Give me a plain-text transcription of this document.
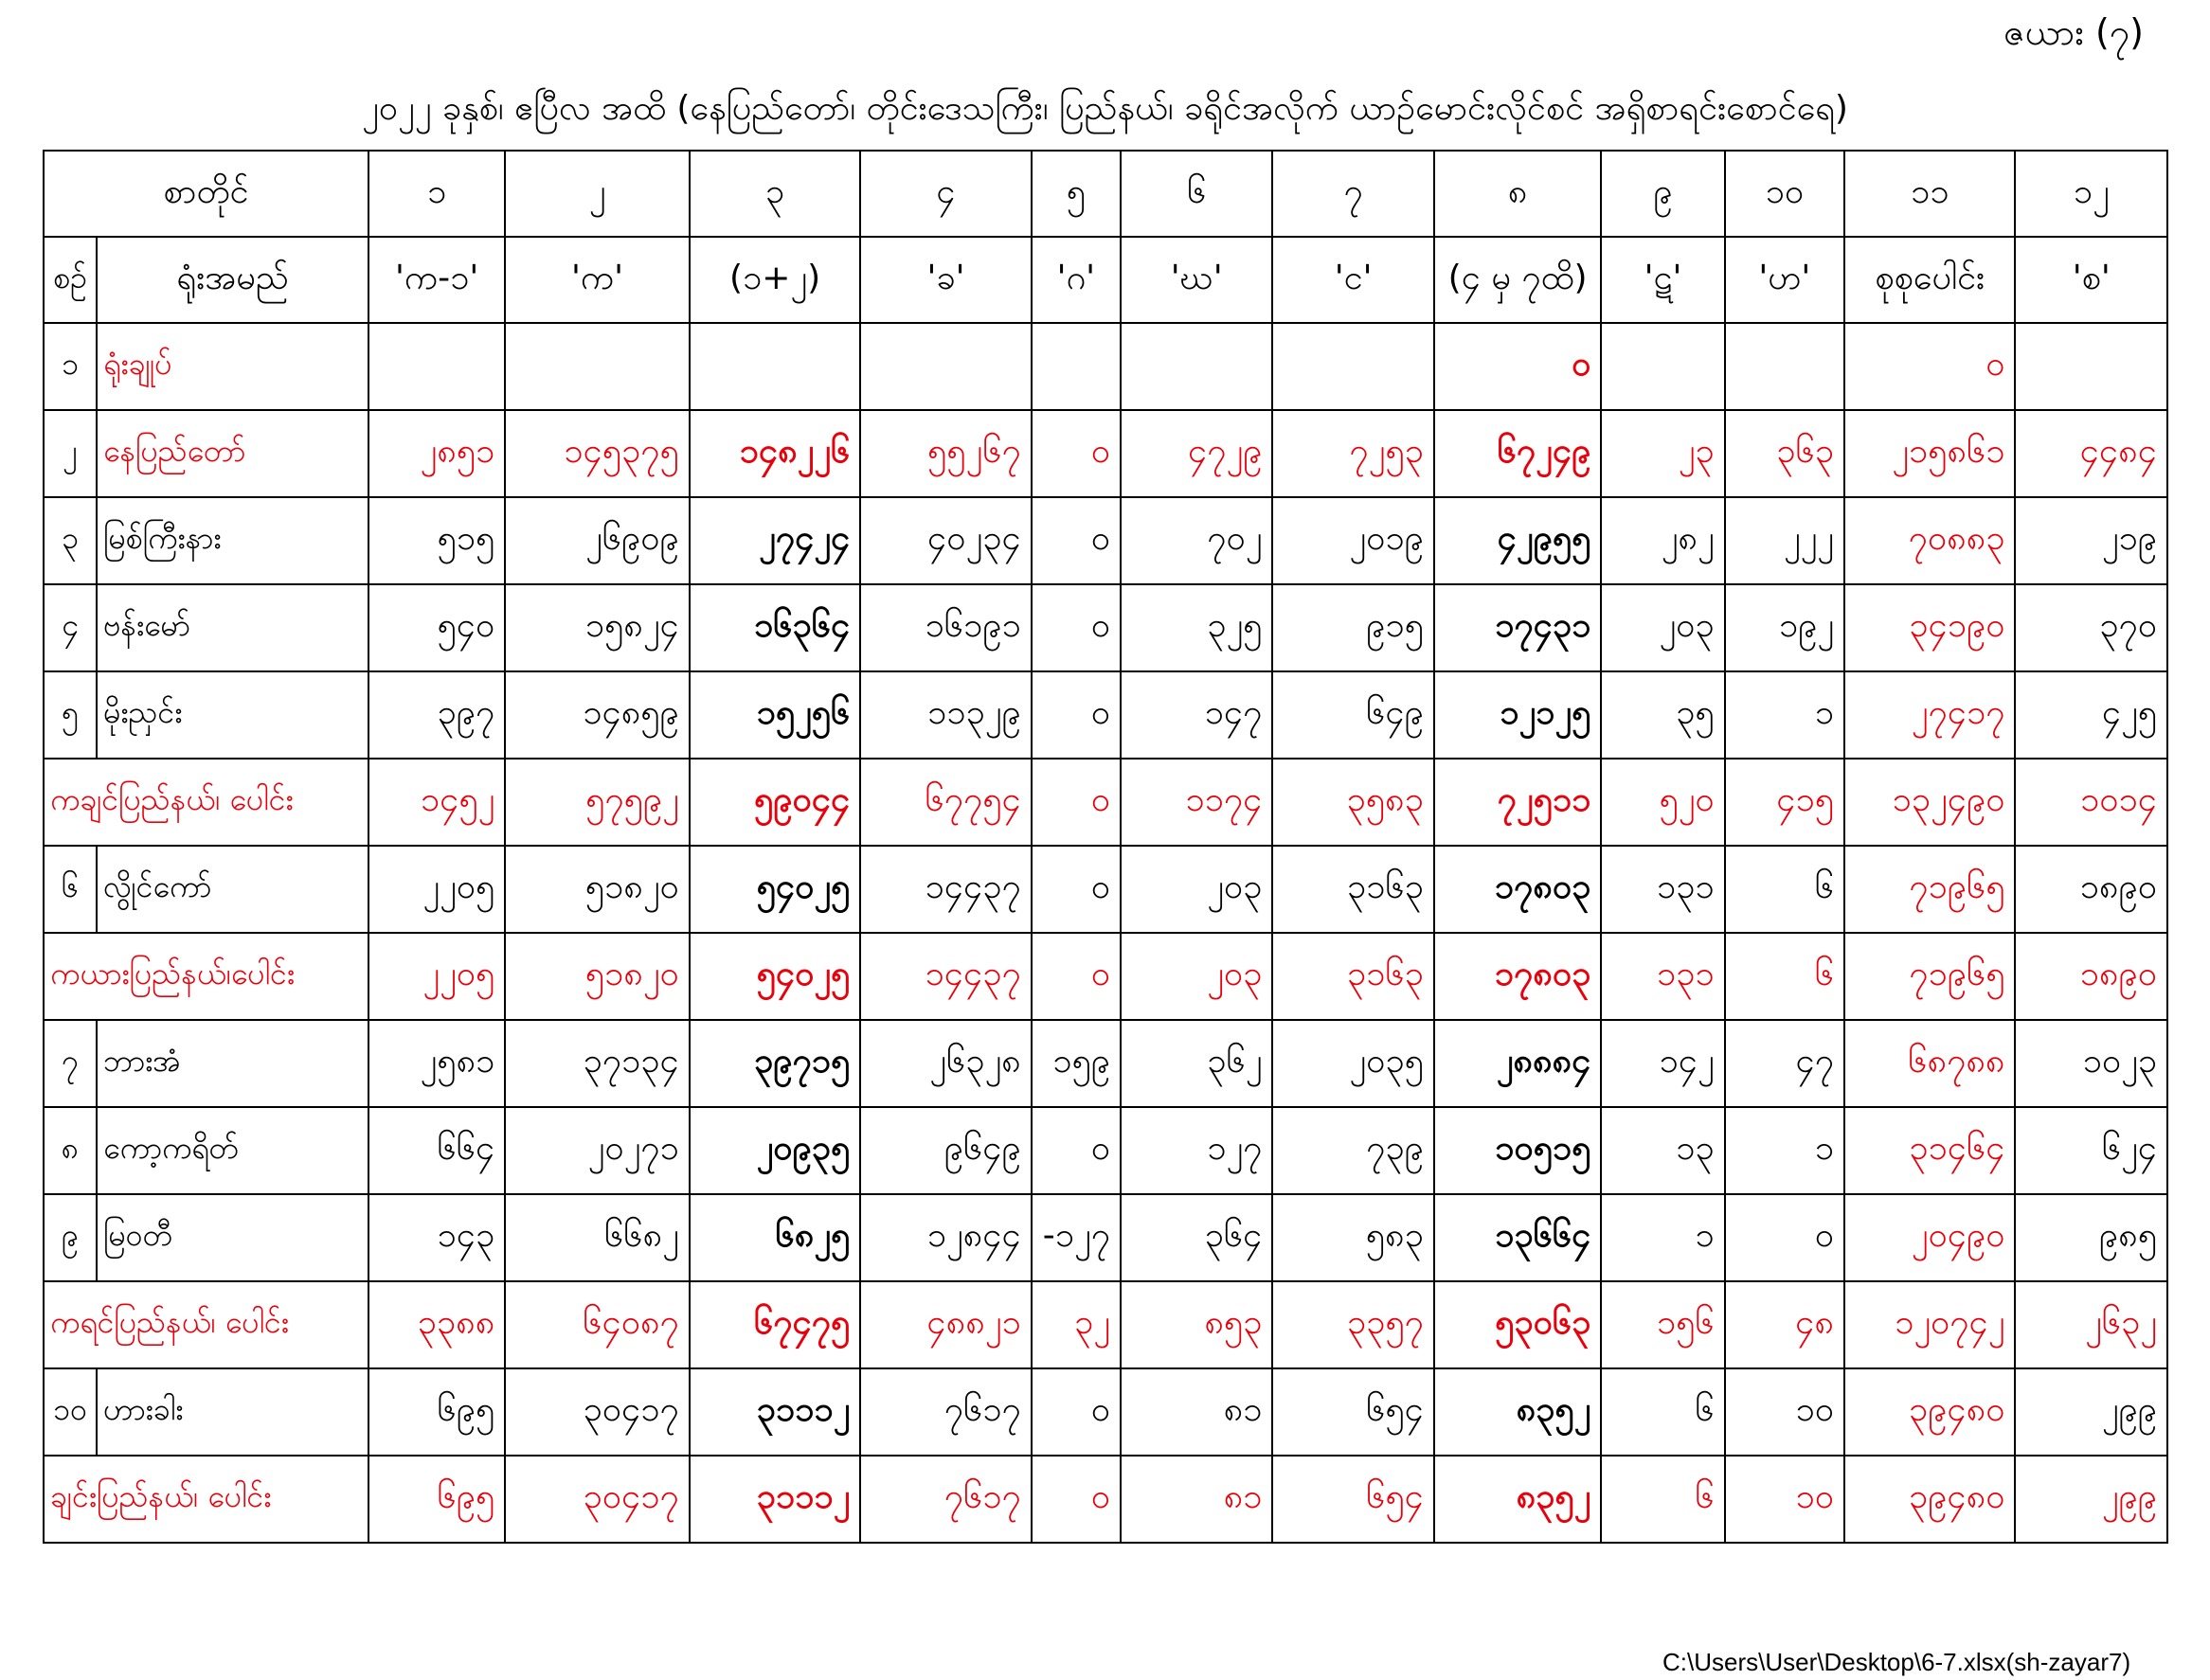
ဇယား (၇)
၂၀၂၂ ခုနှစ်၊ ဧပြီလ အထိ (နေပြည်တော်၊ တိုင်းဒေသကြီး၊ ပြည်နယ်၊ ခရိုင်အလိုက် ယာဉ်မောင်းလိုင်စင် အရှိစာရင်းစောင်ရေ)
စာတိုင်		၁	၂	၃	၄	၅	၆	၇	၈	၉	၁၀	၁၁	၁၂
စဉ်	ရုံးအမည်	'က-၁'	'က'	(၁+၂)	'ခ'	'ဂ'	'ဃ'	'င'	(၄ မှ ၇ထိ)	'ဋ'	'ဟ'	စုစုပေါင်း	'စ'
၁	ရုံးချုပ်								၀			၀	
၂	နေပြည်တော်	၂၈၅၁	၁၄၅၃၇၅	၁၄၈၂၂၆	၅၅၂၆၇	၀	၄၇၂၉	၇၂၅၃	၆၇၂၄၉	၂၃	၃၆၃	၂၁၅၈၆၁	၄၄၈၄
၃	မြစ်ကြီးနား	၅၁၅	၂၆၉၀၉	၂၇၄၂၄	၄၀၂၃၄	၀	၇၀၂	၂၀၁၉	၄၂၉၅၅	၂၈၂	၂၂၂	၇၀၈၈၃	၂၁၉
၄	ဗန်းမော်	၅၄၀	၁၅၈၂၄	၁၆၃၆၄	၁၆၁၉၁	၀	၃၂၅	၉၁၅	၁၇၄၃၁	၂၀၃	၁၉၂	၃၄၁၉၀	၃၇၀
၅	မိုးညှင်း	၃၉၇	၁၄၈၅၉	၁၅၂၅၆	၁၁၃၂၉	၀	၁၄၇	၆၄၉	၁၂၁၂၅	၃၅	၁	၂၇၄၁၇	၄၂၅
ကချင်ပြည်နယ်၊ ပေါင်း		၁၄၅၂	၅၇၅၉၂	၅၉၀၄၄	၆၇၇၅၄	၀	၁၁၇၄	၃၅၈၃	၇၂၅၁၁	၅၂၀	၄၁၅	၁၃၂၄၉၀	၁၀၁၄
၆	လွိုင်ကော်	၂၂၀၅	၅၁၈၂၀	၅၄၀၂၅	၁၄၄၃၇	၀	၂၀၃	၃၁၆၃	၁၇၈၀၃	၁၃၁	၆	၇၁၉၆၅	၁၈၉၀
ကယားပြည်နယ်၊ပေါင်း		၂၂၀၅	၅၁၈၂၀	၅၄၀၂၅	၁၄၄၃၇	၀	၂၀၃	၃၁၆၃	၁၇၈၀၃	၁၃၁	၆	၇၁၉၆၅	၁၈၉၀
၇	ဘားအံ	၂၅၈၁	၃၇၁၃၄	၃၉၇၁၅	၂၆၃၂၈	၁၅၉	၃၆၂	၂၀၃၅	၂၈၈၈၄	၁၄၂	၄၇	၆၈၇၈၈	၁၀၂၃
၈	ကော့ကရိတ်	၆၆၄	၂၀၂၇၁	၂၀၉၃၅	၉၆၄၉	၀	၁၂၇	၇၃၉	၁၀၅၁၅	၁၃	၁	၃၁၄၆၄	၆၂၄
၉	မြဝတီ	၁၄၃	၆၆၈၂	၆၈၂၅	၁၂၈၄၄	-၁၂၇	၃၆၄	၅၈၃	၁၃၆၆၄	၁	၀	၂၀၄၉၀	၉၈၅
ကရင်ပြည်နယ်၊ ပေါင်း		၃၃၈၈	၆၄၀၈၇	၆၇၄၇၅	၄၈၈၂၁	၃၂	၈၅၃	၃၃၅၇	၅၃၀၆၃	၁၅၆	၄၈	၁၂၀၇၄၂	၂၆၃၂
၁၀	ဟားခါး	၆၉၅	၃၀၄၁၇	၃၁၁၁၂	၇၆၁၇	၀	၈၁	၆၅၄	၈၃၅၂	၆	၁၀	၃၉၄၈၀	၂၉၉
ချင်းပြည်နယ်၊ ပေါင်း		၆၉၅	၃၀၄၁၇	၃၁၁၁၂	၇၆၁၇	၀	၈၁	၆၅၄	၈၃၅၂	၆	၁၀	၃၉၄၈၀	၂၉၉
C:\Users\User\Desktop\6-7.xlsx(sh-zayar7)
